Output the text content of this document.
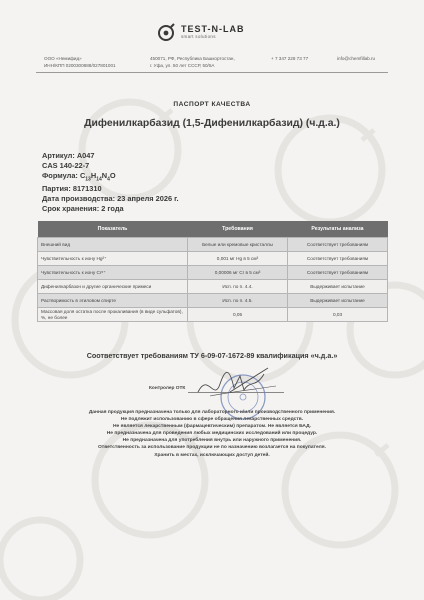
TEST-N-LAB
smart solutions
ООО «Немифид»
ИНН/КПП 0200300888/027801001
450071, РФ, Республика Башкортостан,
г. Уфа, ул. 50 лет СССР, 50/5А
+ 7 347 228 73 77	info@chemfillab.ru
ПАСПОРТ КАЧЕСТВА
Дифенилкарбазид (1,5-Дифенилкарбазид) (ч.д.а.)
Артикул: A047
CAS 140-22-7
Формула: $C_{13}H_{14}N_4O$
Партия: 8171310
Дата производства: 23 апреля 2026 г.
Срок хранения: 2 года
Показатель	Требования	Результаты анализа
Внешний вид	Белые или кремовые кристаллы	Соответствует требованиям
Чувствительность к иону Hg²⁺	0,001 мг Hg в 5 см³	Соответствует требованиям
Чувствительность к иону Cr⁶⁺	0,00006 мг Cr в 5 см³	Соответствует требованиям
Дифенилкарбазон и другие органические примеси	Исп. по п. 4.4.	Выдерживает испытание
Растворимость в этиловом спирте	Исп. по п. 4.5.	Выдерживает испытание
Массовая доля остатка после прокаливания (в виде сульфатов), %, не более	0,05	0,03
Соответствует требованиям ТУ 6-09-07-1672-89 квалификация «ч.д.а.»
Контролер ОТК
Данная продукция предназначена только для лабораторного и/или производственного применения.
Не подлежит использованию в сфере обращения лекарственных средств.
Не является лекарственным (фармацевтическим) препаратом. Не является БАД.
Не предназначена для проведения любых медицинских исследований или процедур.
Не предназначена для употребления внутрь или наружного применения.
Ответственность за использование продукции не по назначению возлагается на покупателя.
Хранить в местах, исключающих доступ детей.
